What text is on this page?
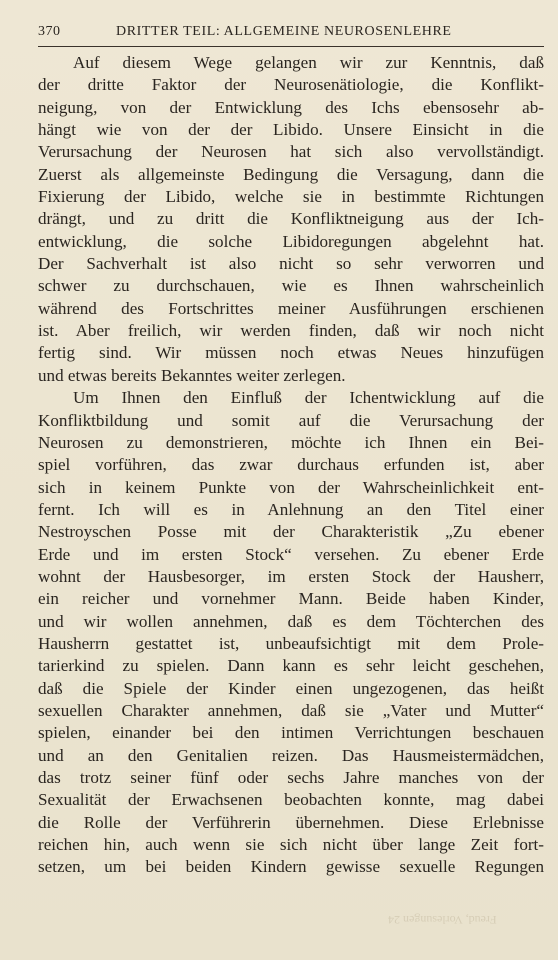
370	DRITTER TEIL: ALLGEMEINE NEUROSENLEHRE
Auf diesem Wege gelangen wir zur Kenntnis, daß
der dritte Faktor der Neurosenätiologie, die Konflikt-
neigung, von der Entwicklung des Ichs ebensosehr ab-
hängt wie von der der Libido. Unsere Einsicht in die
Verursachung der Neurosen hat sich also vervollständigt.
Zuerst als allgemeinste Bedingung die Versagung, dann die
Fixierung der Libido, welche sie in bestimmte Richtungen
drängt, und zu dritt die Konfliktneigung aus der Ich-
entwicklung, die solche Libidoregungen abgelehnt hat.
Der Sachverhalt ist also nicht so sehr verworren und
schwer zu durchschauen, wie es Ihnen wahrscheinlich
während des Fortschrittes meiner Ausführungen erschienen
ist. Aber freilich, wir werden finden, daß wir noch nicht
fertig sind. Wir müssen noch etwas Neues hinzufügen
und etwas bereits Bekanntes weiter zerlegen.
Um Ihnen den Einfluß der Ichentwicklung auf die
Konfliktbildung und somit auf die Verursachung der
Neurosen zu demonstrieren, möchte ich Ihnen ein Bei-
spiel vorführen, das zwar durchaus erfunden ist, aber
sich in keinem Punkte von der Wahrscheinlichkeit ent-
fernt. Ich will es in Anlehnung an den Titel einer
Nestroyschen Posse mit der Charakteristik „Zu ebener
Erde und im ersten Stock“ versehen. Zu ebener Erde
wohnt der Hausbesorger, im ersten Stock der Hausherr,
ein reicher und vornehmer Mann. Beide haben Kinder,
und wir wollen annehmen, daß es dem Töchterchen des
Hausherrn gestattet ist, unbeaufsichtigt mit dem Prole-
tarierkind zu spielen. Dann kann es sehr leicht geschehen,
daß die Spiele der Kinder einen ungezogenen, das heißt
sexuellen Charakter annehmen, daß sie „Vater und Mutter“
spielen, einander bei den intimen Verrichtungen beschauen
und an den Genitalien reizen. Das Hausmeistermädchen,
das trotz seiner fünf oder sechs Jahre manches von der
Sexualität der Erwachsenen beobachten konnte, mag dabei
die Rolle der Verführerin übernehmen. Diese Erlebnisse
reichen hin, auch wenn sie sich nicht über lange Zeit fort-
setzen, um bei beiden Kindern gewisse sexuelle Regungen
Freud, Vorlesungen 24
